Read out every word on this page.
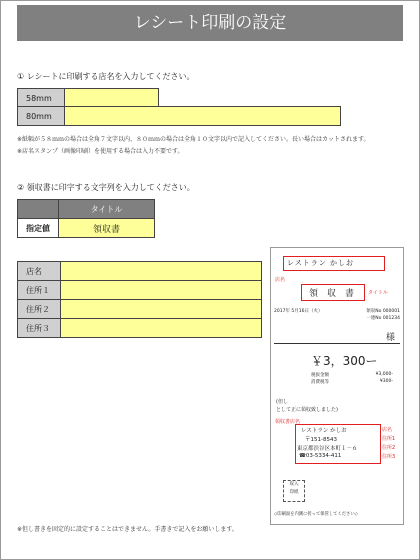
レシート印刷の設定
① レシートに印刷する店名を入力してください。
58mm		
80mm	
※紙幅が５８ｍｍの場合は全角７文字以内、８０ｍｍの場合は全角１０文字以内で記入してください。長い場合はカットされます。
※店名スタンプ（画像印刷）を使用する場合は入力不要です。
② 領収書に印字する文字列を入力してください。
	タイトル
指定値	領収書
店名	
住所１	
住所２	
住所３	
※但し書きを固定的に設定することはできません。手書きで記入をお願いします。
レストラン かしお
店名
領　収　書	タイトル
2017年 5月16日（火）	領収No 000001
一連No 001234
様
￥3，300ー
税抜金額	¥3,000-
消費税等	¥300-
(但し
として正に領収致しました)
領収書店名
レストラン かしお	店名
〒151-8543	住所1
東京都渋谷区本町１－６	住所2
☎03-5334-411	住所3
収入
印紙
◇印刷面を内側に折って保管してください◇
